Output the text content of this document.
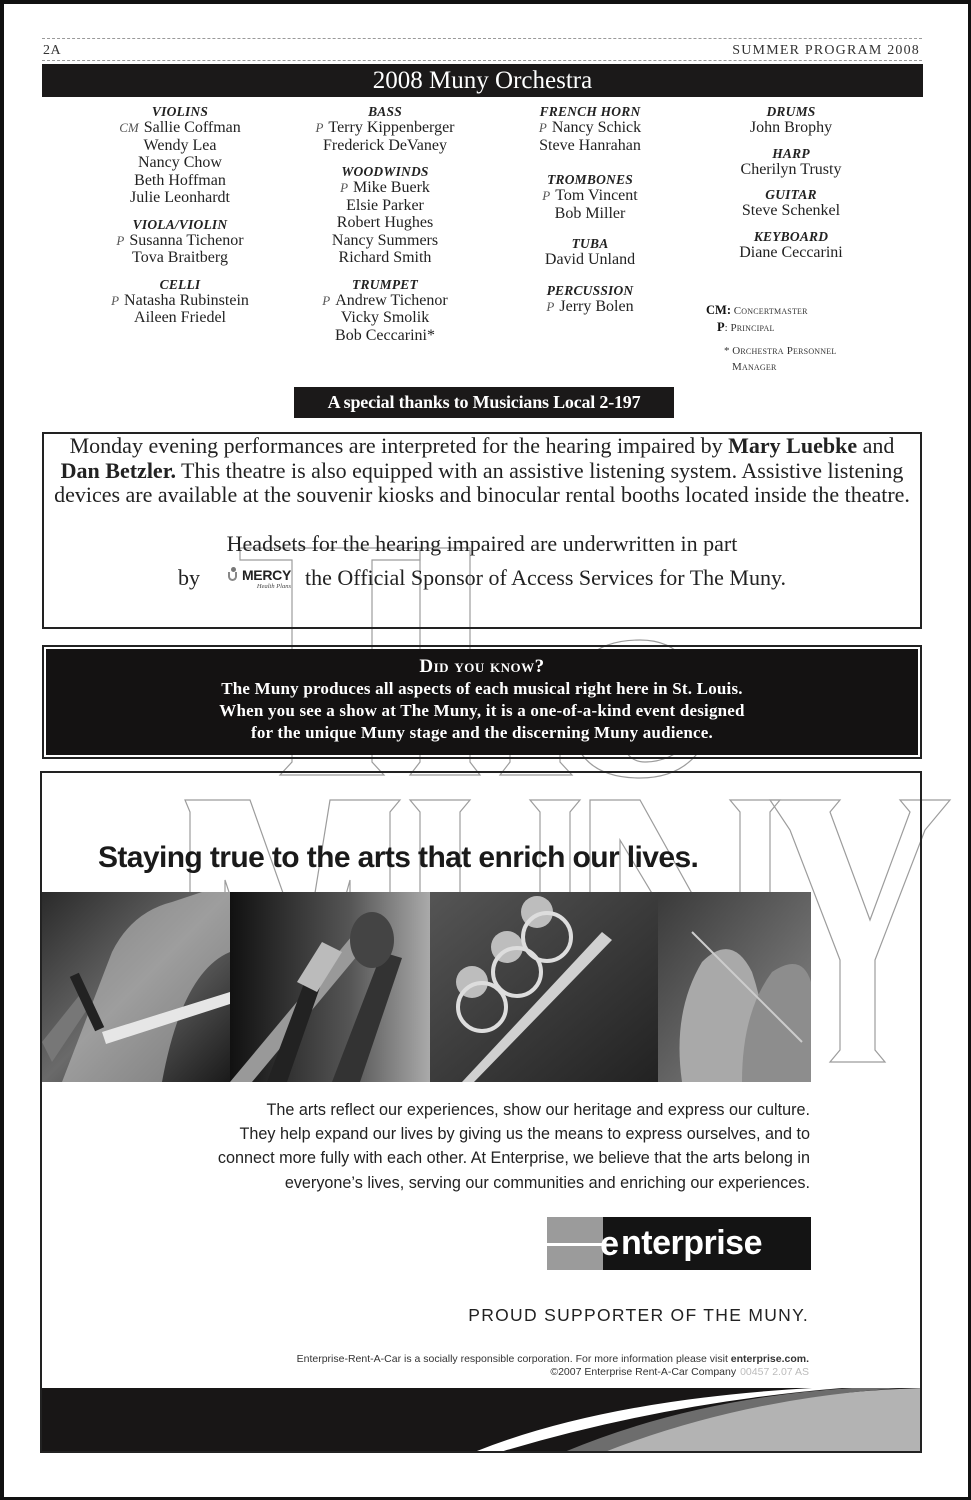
2A	SUMMER PROGRAM 2008
2008 Muny Orchestra
VIOLINS
CM Sallie Coffman
Wendy Lea
Nancy Chow
Beth Hoffman
Julie Leonhardt
VIOLA/VIOLIN
P Susanna Tichenor
Tova Braitberg
CELLI
P Natasha Rubinstein
Aileen Friedel
BASS
P Terry Kippenberger
Frederick DeVaney
WOODWINDS
P Mike Buerk
Elsie Parker
Robert Hughes
Nancy Summers
Richard Smith
TRUMPET
P Andrew Tichenor
Vicky Smolik
Bob Ceccarini*
FRENCH HORN
P Nancy Schick
Steve Hanrahan
TROMBONES
P Tom Vincent
Bob Miller
TUBA
David Unland
PERCUSSION
P Jerry Bolen
DRUMS
John Brophy
HARP
Cherilyn Trusty
GUITAR
Steve Schenkel
KEYBOARD
Diane Ceccarini
CM: Concertmaster
P: Principal
* Orchestra Personnel
Manager
A special thanks to Musicians Local 2-197

Monday evening performances are interpreted for the hearing impaired by Mary Luebke and Dan Betzler. This theatre is also equipped with an assistive listening system. Assistive listening devices are available at the souvenir kiosks and binocular rental booths located inside the theatre.

Headsets for the hearing impaired are underwritten in part

by	MERCY
Health Plans the Official Sponsor of Access Services for The Muny.

Did you know?
The Muny produces all aspects of each musical right here in St. Louis.
When you see a show at The Muny, it is a one-of-a-kind event designed
for the unique Muny stage and the discerning Muny audience.
Staying true to the arts that enrich our lives.
The arts reflect our experiences, show our heritage and express our culture.
They help expand our lives by giving us the means to express ourselves, and to
connect more fully with each other. At Enterprise, we believe that the arts belong in
everyone’s lives, serving our communities and enriching our experiences.
e nterprise
PROUD SUPPORTER OF THE MUNY.
Enterprise-Rent-A-Car is a socially responsible corporation. For more information please visit enterprise.com.
©2007 Enterprise Rent-A-Car Company 00457 2.07 AS
